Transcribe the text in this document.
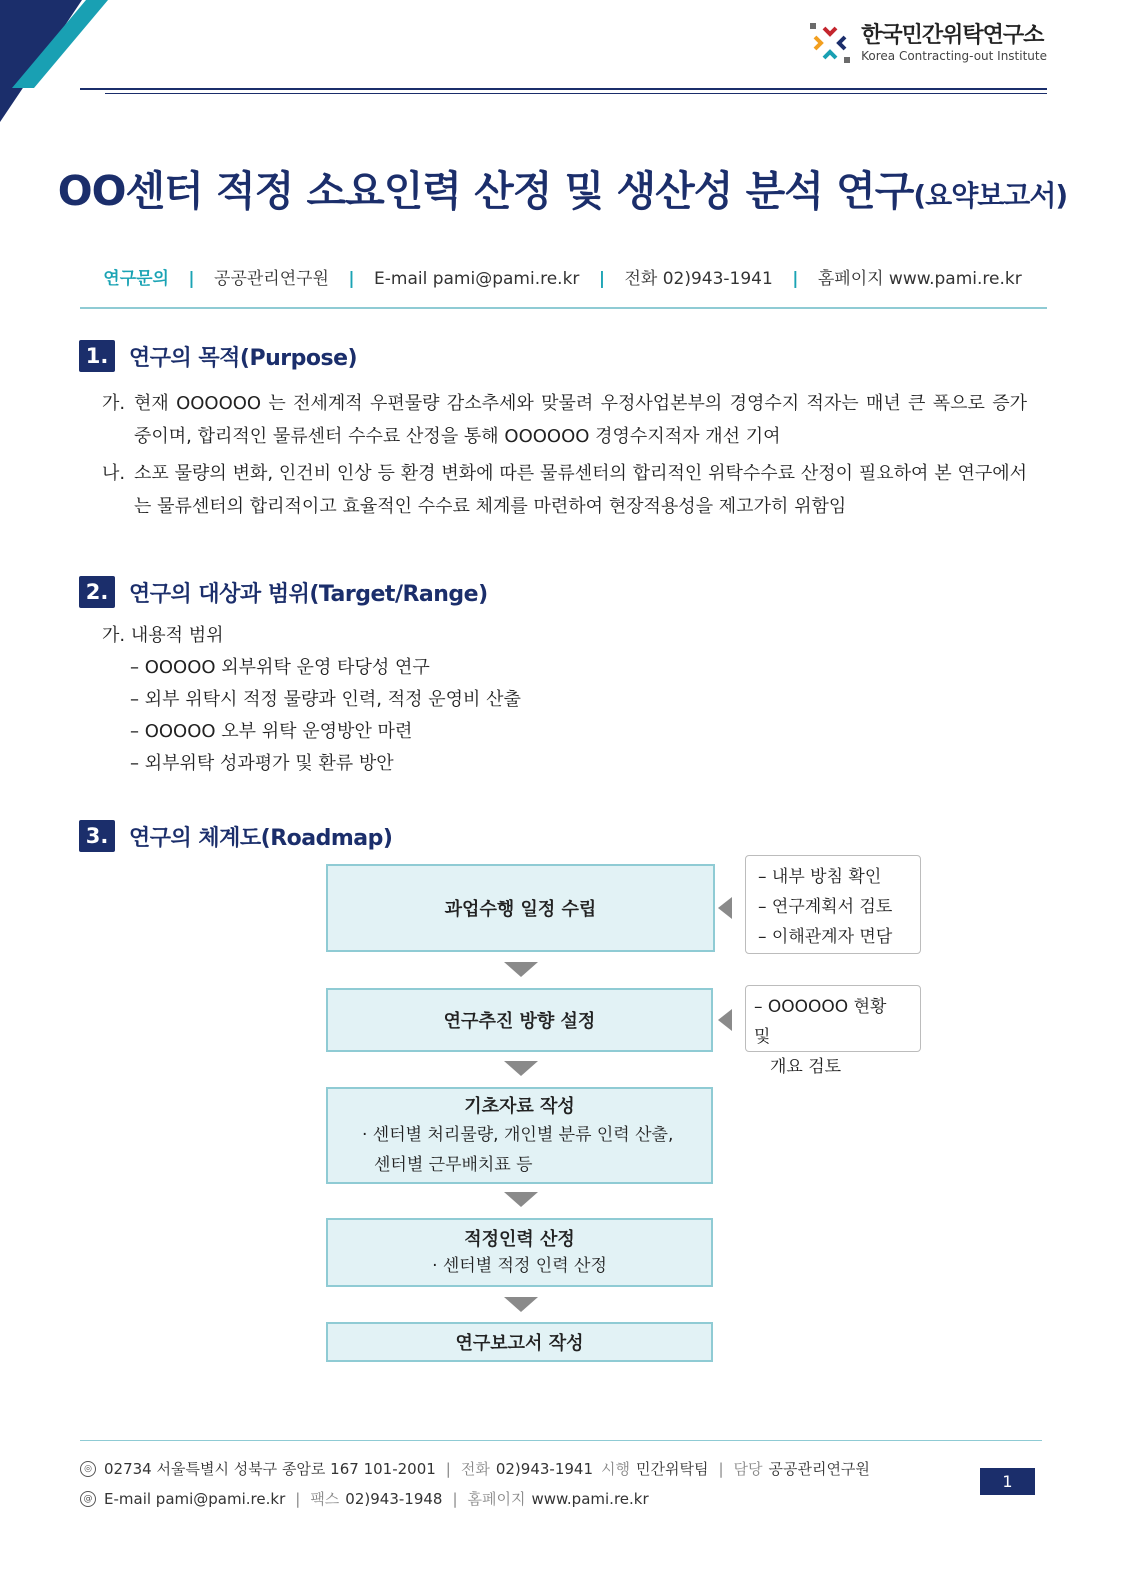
한국민간위탁연구소
Korea Contracting-out Institute
OO센터 적정 소요인력 산정 및 생산성 분석 연구(요약보고서)
연구문의 | 공공관리연구원 | E-mail pami@pami.re.kr | 전화 02)943-1941 | 홈페이지 www.pami.re.kr
1. 연구의 목적(Purpose)
가. 현재 OOOOOO 는 전세계적 우편물량 감소추세와 맞물려 우정사업본부의 경영수지 적자는 매년 큰 폭으로 증가 중이며, 합리적인 물류센터 수수료 산정을 통해 OOOOOO 경영수지적자 개선 기여
나. 소포 물량의 변화, 인건비 인상 등 환경 변화에 따른 물류센터의 합리적인 위탁수수료 산정이 필요하여 본 연구에서는 물류센터의 합리적이고 효율적인 수수료 체계를 마련하여 현장적용성을 제고가히 위함임
2. 연구의 대상과 범위(Target/Range)
가. 내용적 범위
– OOOOO 외부위탁 운영 타당성 연구
– 외부 위탁시 적정 물량과 인력, 적정 운영비 산출
– OOOOO 오부 위탁 운영방안 마련
– 외부위탁 성과평가 및 환류 방안
3. 연구의 체계도(Roadmap)
과업수행 일정 수립
– 내부 방침 확인
– 연구계획서 검토
– 이해관계자 면담
연구추진 방향 설정
– OOOOOO 현황 및
개요 검토
기초자료 작성
· 센터별 처리물량, 개인별 분류 인력 산출,
센터별 근무배치표 등
적정인력 산정
· 센터별 적정 인력 산정
연구보고서 작성
◎ 02734 서울특별시 성북구 종암로 167 101-2001 | 전화 02)943-1941 시행 민간위탁팀 | 담당 공공관리연구원
@ E-mail pami@pami.re.kr | 팩스 02)943-1948 | 홈페이지 www.pami.re.kr
1
